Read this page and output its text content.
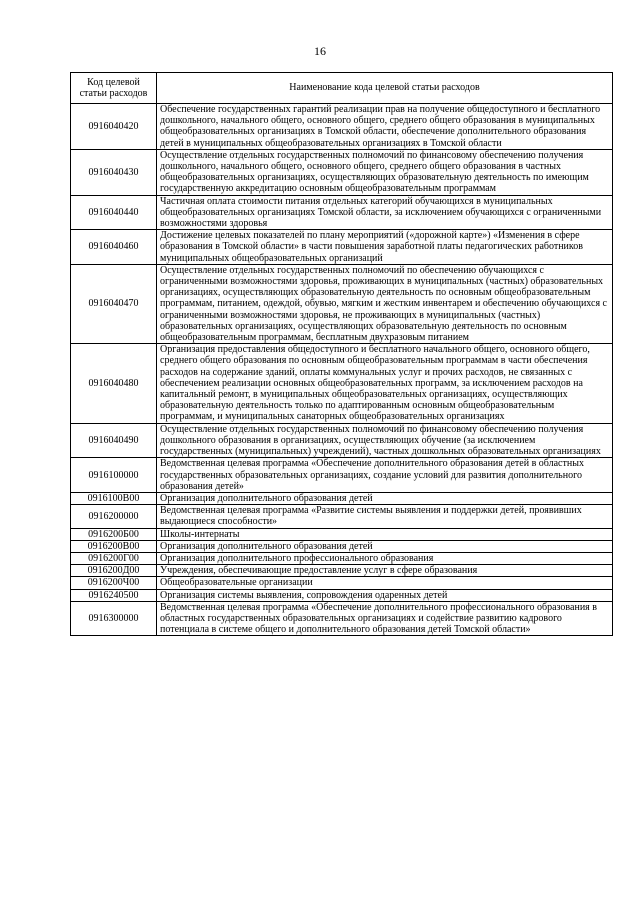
16
Код целевой статьи расходов	Наименование кода целевой статьи расходов
0916040420	Обеспечение государственных гарантий реализации прав на получение общедоступного и бесплатного дошкольного, начального общего, основного общего, среднего общего образования в муниципальных общеобразовательных организациях в Томской области, обеспечение дополнительного образования детей в муниципальных общеобразовательных организациях в Томской области
0916040430	Осуществление отдельных государственных полномочий по финансовому обеспечению получения дошкольного, начального общего, основного общего, среднего общего образования в частных общеобразовательных организациях, осуществляющих образовательную деятельность по имеющим государственную аккредитацию основным общеобразовательным программам
0916040440	Частичная оплата стоимости питания отдельных категорий обучающихся в муниципальных общеобразовательных организациях Томской области, за исключением обучающихся с ограниченными возможностями здоровья
0916040460	Достижение целевых показателей по плану мероприятий («дорожной карте») «Изменения в сфере образования в Томской области» в части повышения заработной платы педагогических работников муниципальных общеобразовательных организаций
0916040470	Осуществление отдельных государственных полномочий по обеспечению обучающихся с ограниченными возможностями здоровья, проживающих в муниципальных (частных) образовательных организациях, осуществляющих образовательную деятельность по основным общеобразовательным программам, питанием, одеждой, обувью, мягким и жестким инвентарем и обеспечению обучающихся с ограниченными возможностями здоровья, не проживающих в муниципальных (частных) образовательных организациях, осуществляющих образовательную деятельность по основным общеобразовательным программам, бесплатным двухразовым питанием
0916040480	Организация предоставления общедоступного и бесплатного начального общего, основного общего, среднего общего образования по основным общеобразовательным программам в части обеспечения расходов на содержание зданий, оплаты коммунальных услуг и прочих расходов, не связанных с обеспечением реализации основных общеобразовательных программ, за исключением расходов на капитальный ремонт, в муниципальных общеобразовательных организациях, осуществляющих образовательную деятельность только по адаптированным основным общеобразовательным программам, и муниципальных санаторных общеобразовательных организациях
0916040490	Осуществление отдельных государственных полномочий по финансовому обеспечению получения дошкольного образования в организациях, осуществляющих обучение (за исключением государственных (муниципальных) учреждений), частных дошкольных образовательных организациях
0916100000	Ведомственная целевая программа «Обеспечение дополнительного образования детей в областных государственных образовательных организациях, создание условий для развития дополнительного образования детей»
0916100В00	Организация дополнительного образования детей
0916200000	Ведомственная целевая программа «Развитие системы выявления и поддержки детей, проявивших выдающиеся способности»
0916200Б00	Школы-интернаты
0916200В00	Организация дополнительного образования детей
0916200Г00	Организация дополнительного профессионального образования
0916200Д00	Учреждения, обеспечивающие предоставление услуг в сфере образования
0916200Ч00	Общеобразовательные организации
0916240500	Организация системы выявления, сопровождения одаренных детей
0916300000	Ведомственная целевая программа «Обеспечение дополнительного профессионального образования в областных государственных образовательных организациях и содействие развитию кадрового потенциала в системе общего и дополнительного образования детей Томской области»
